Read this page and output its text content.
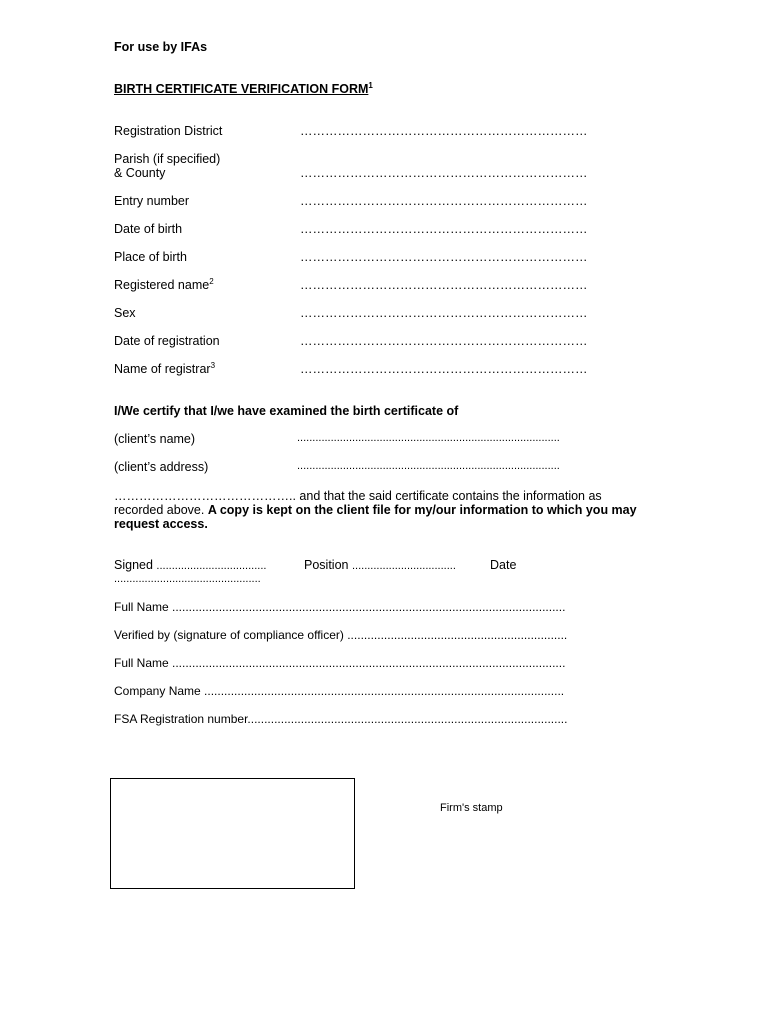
For use by IFAs
BIRTH CERTIFICATE VERIFICATION FORM$^1$
Registration District	……………………………………………………………
Parish (if specified)
& County	……………………………………………………………
Entry number	……………………………………………………………
Date of birth	……………………………………………………………
Place of birth	……………………………………………………………
Registered name$^2$	……………………………………………………………
Sex	……………………………………………………………
Date of registration	……………………………………………………………
Name of registrar$^3$	……………………………………………………………
I/We certify that I/we have examined the birth certificate of
(client’s name)	......................................................................................
(client’s address)	......................................................................................
…………………………………….. and that the said certificate contains the information as recorded above. A copy is kept on the client file for my/our information to which you may request access.
Signed ....................................	Position ..................................	Date
................................................
Full Name ......................................................................................................................
Verified by (signature of compliance officer) ..................................................................
Full Name ......................................................................................................................
Company Name ............................................................................................................
FSA Registration number................................................................................................
Firm's stamp
